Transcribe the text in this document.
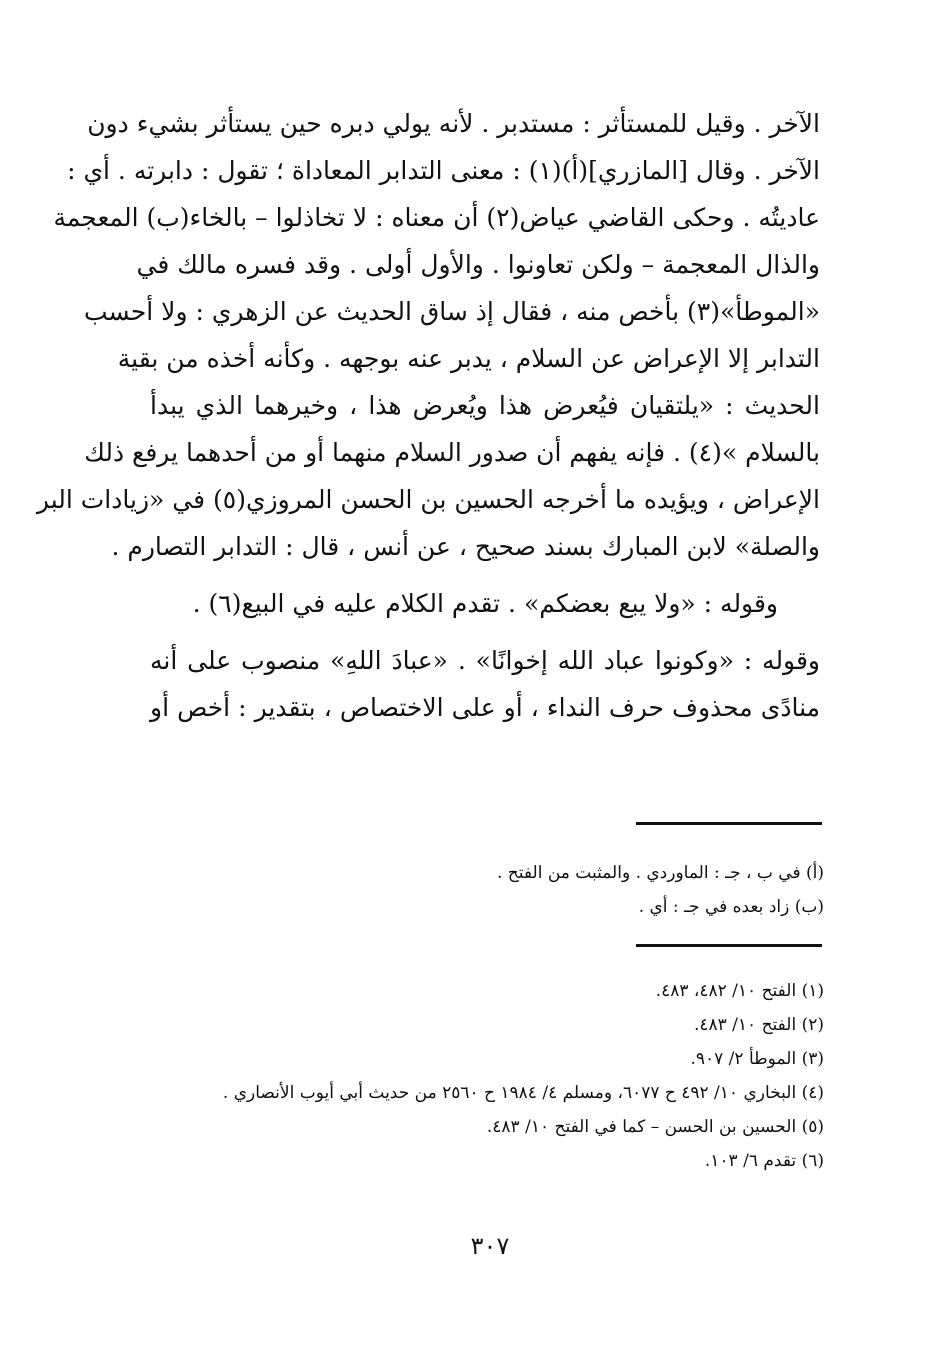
الآخر . وقيل للمستأثر : مستدبر . لأنه يولي دبره حين يستأثر بشيء دون
الآخر . وقال [المازري](أ)(١) : معنى التدابر المعاداة ؛ تقول : دابرته . أي :
عاديتُه . وحكى القاضي عياض(٢) أن معناه : لا تخاذلوا – بالخاء(ب) المعجمة
والذال المعجمة – ولكن تعاونوا . والأول أولى . وقد فسره مالك في
«الموطأ»(٣) بأخص منه ، فقال إذ ساق الحديث عن الزهري : ولا أحسب
التدابر إلا الإعراض عن السلام ، يدبر عنه بوجهه . وكأنه أخذه من بقية
الحديث : «يلتقيان فيُعرض هذا ويُعرض هذا ، وخيرهما الذي يبدأ
بالسلام »(٤) . فإنه يفهم أن صدور السلام منهما أو من أحدهما يرفع ذلك
الإعراض ، ويؤيده ما أخرجه الحسين بن الحسن المروزي(٥) في «زيادات البر
والصلة» لابن المبارك بسند صحيح ، عن أنس ، قال : التدابر التصارم .
وقوله : «ولا يبع بعضكم» . تقدم الكلام عليه في البيع(٦) .
وقوله : «وكونوا عباد الله إخوانًا» . «عبادَ اللهِ» منصوب على أنه
منادًى محذوف حرف النداء ، أو على الاختصاص ، بتقدير : أخص أو
(أ) في ب ، جـ : الماوردي . والمثبت من الفتح .
(ب) زاد بعده في جـ : أي .
(١) الفتح ١٠/ ٤٨٢، ٤٨٣.
(٢) الفتح ١٠/ ٤٨٣.
(٣) الموطأ ٢/ ٩٠٧.
(٤) البخاري ١٠/ ٤٩٢ ح ٦٠٧٧، ومسلم ٤/ ١٩٨٤ ح ٢٥٦٠ من حديث أبي أيوب الأنصاري .
(٥) الحسين بن الحسن – كما في الفتح ١٠/ ٤٨٣.
(٦) تقدم ٦/ ١٠٣.
٣٠٧
